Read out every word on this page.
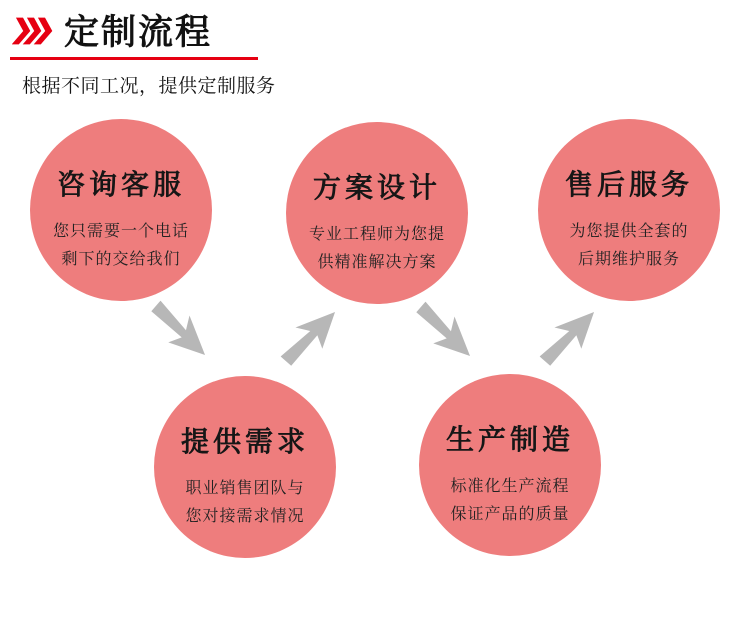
定制流程

根据不同工况，提供定制服务

咨询客服
您只需要一个电话
剩下的交给我们
提供需求
职业销售团队与
您对接需求情况
方案设计
专业工程师为您提
供精准解决方案
生产制造
标准化生产流程
保证产品的质量
售后服务
为您提供全套的
后期维护服务
